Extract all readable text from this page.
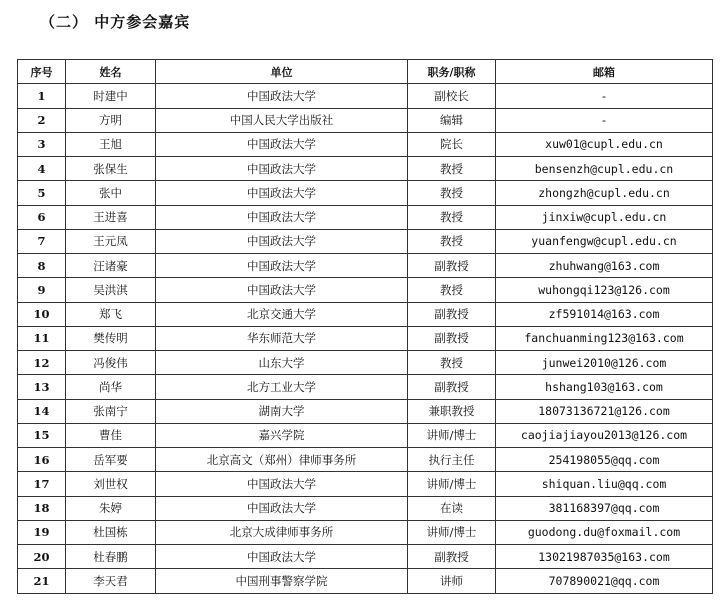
（二） 中方参会嘉宾
序号	姓名	单位	职务/职称	邮箱
1	时建中	中国政法大学	副校长	-
2	方明	中国人民大学出版社	编辑	-
3	王旭	中国政法大学	院长	xuw01@cupl.edu.cn
4	张保生	中国政法大学	教授	bensenzh@cupl.edu.cn
5	张中	中国政法大学	教授	zhongzh@cupl.edu.cn
6	王进喜	中国政法大学	教授	jinxiw@cupl.edu.cn
7	王元凤	中国政法大学	教授	yuanfengw@cupl.edu.cn
8	汪诸豪	中国政法大学	副教授	zhuhwang@163.com
9	吴洪淇	中国政法大学	教授	wuhongqi123@126.com
10	郑飞	北京交通大学	副教授	zf591014@163.com
11	樊传明	华东师范大学	副教授	fanchuanming123@163.com
12	冯俊伟	山东大学	教授	junwei2010@126.com
13	尚华	北方工业大学	副教授	hshang103@163.com
14	张南宁	湖南大学	兼职教授	18073136721@126.com
15	曹佳	嘉兴学院	讲师/博士	caojiajiayou2013@126.com
16	岳军要	北京高文（郑州）律师事务所	执行主任	254198055@qq.com
17	刘世权	中国政法大学	讲师/博士	shiquan.liu@qq.com
18	朱婷	中国政法大学	在读	381168397@qq.com
19	杜国栋	北京大成律师事务所	讲师/博士	guodong.du@foxmail.com
20	杜春鹏	中国政法大学	副教授	13021987035@163.com
21	李天君	中国刑事警察学院	讲师	707890021@qq.com
